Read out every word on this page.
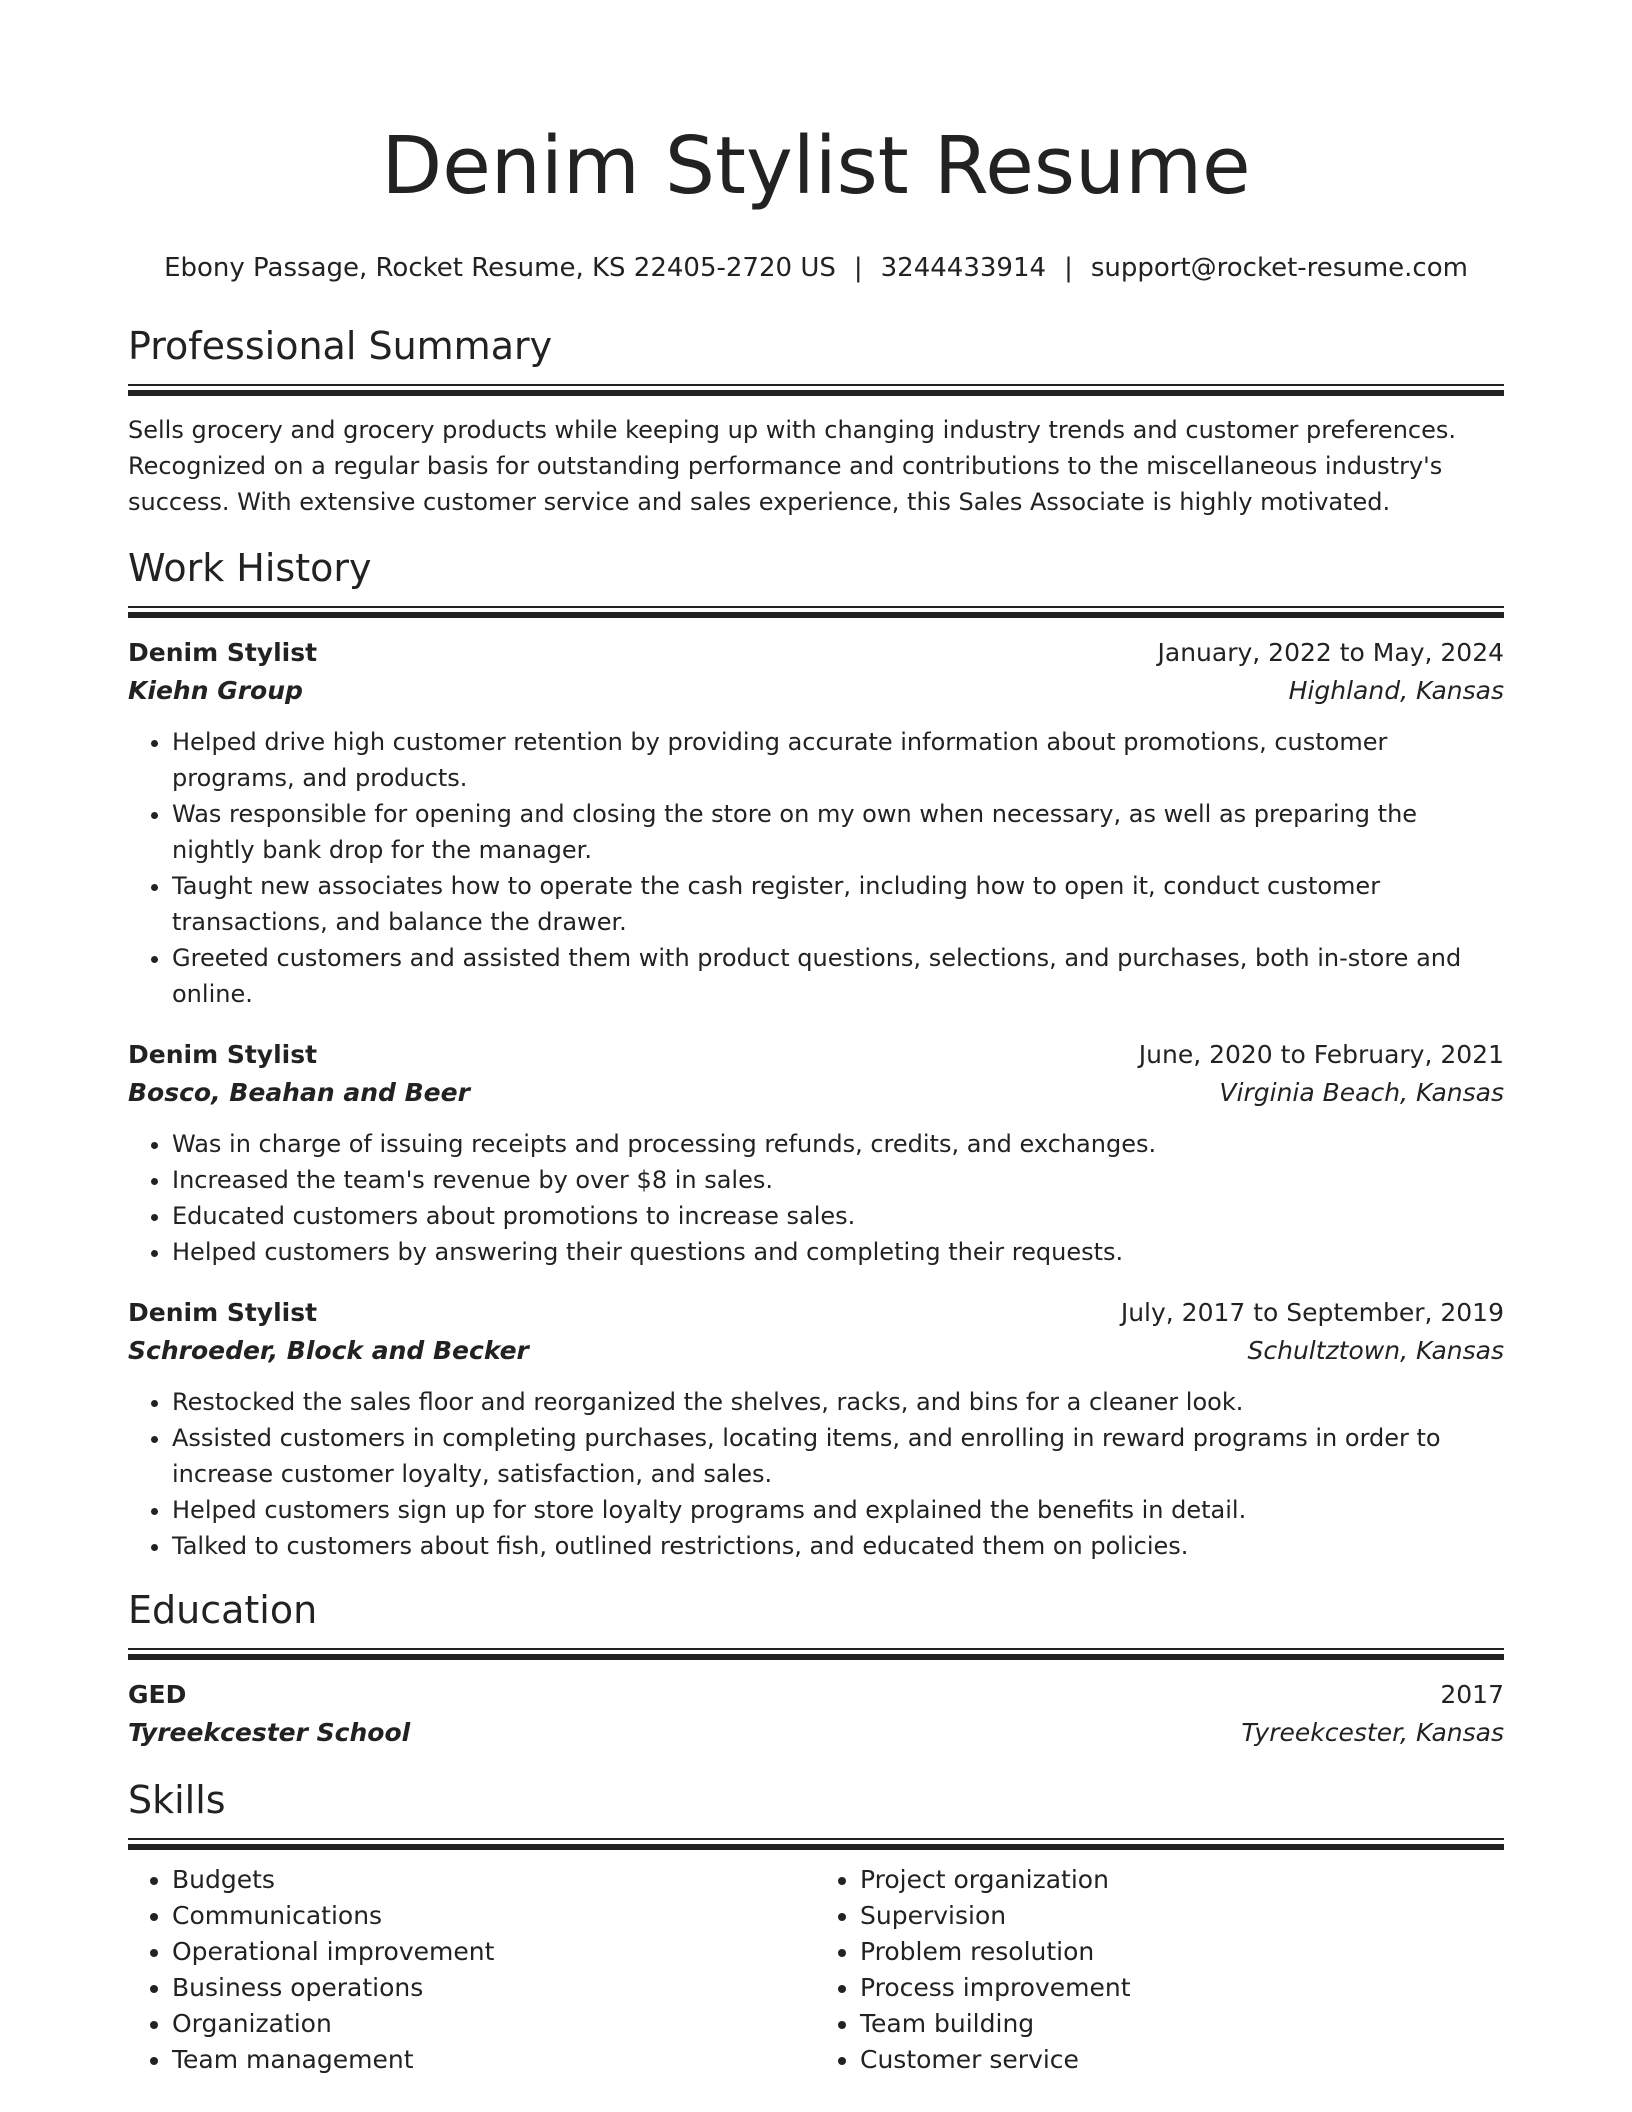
Denim Stylist Resume
Ebony Passage, Rocket Resume, KS 22405-2720 US | 3244433914 | support@rocket-resume.com
Professional Summary
Sells grocery and grocery products while keeping up with changing industry trends and customer preferences. Recognized on a regular basis for outstanding performance and contributions to the miscellaneous industry's success. With extensive customer service and sales experience, this Sales Associate is highly motivated.
Work History
Denim Stylist	January, 2022 to May, 2024
Kiehn Group	Highland, Kansas
• Helped drive high customer retention by providing accurate information about promotions, customer programs, and products.
• Was responsible for opening and closing the store on my own when necessary, as well as preparing the nightly bank drop for the manager.
• Taught new associates how to operate the cash register, including how to open it, conduct customer transactions, and balance the drawer.
• Greeted customers and assisted them with product questions, selections, and purchases, both in-store and online.
Denim Stylist	June, 2020 to February, 2021
Bosco, Beahan and Beer	Virginia Beach, Kansas
• Was in charge of issuing receipts and processing refunds, credits, and exchanges.
• Increased the team's revenue by over $8 in sales.
• Educated customers about promotions to increase sales.
• Helped customers by answering their questions and completing their requests.
Denim Stylist	July, 2017 to September, 2019
Schroeder, Block and Becker	Schultztown, Kansas
• Restocked the sales floor and reorganized the shelves, racks, and bins for a cleaner look.
• Assisted customers in completing purchases, locating items, and enrolling in reward programs in order to increase customer loyalty, satisfaction, and sales.
• Helped customers sign up for store loyalty programs and explained the benefits in detail.
• Talked to customers about fish, outlined restrictions, and educated them on policies.
Education
GED	2017
Tyreekcester School	Tyreekcester, Kansas
Skills
• Budgets
• Communications
• Operational improvement
• Business operations
• Organization
• Team management
• Project organization
• Supervision
• Problem resolution
• Process improvement
• Team building
• Customer service
